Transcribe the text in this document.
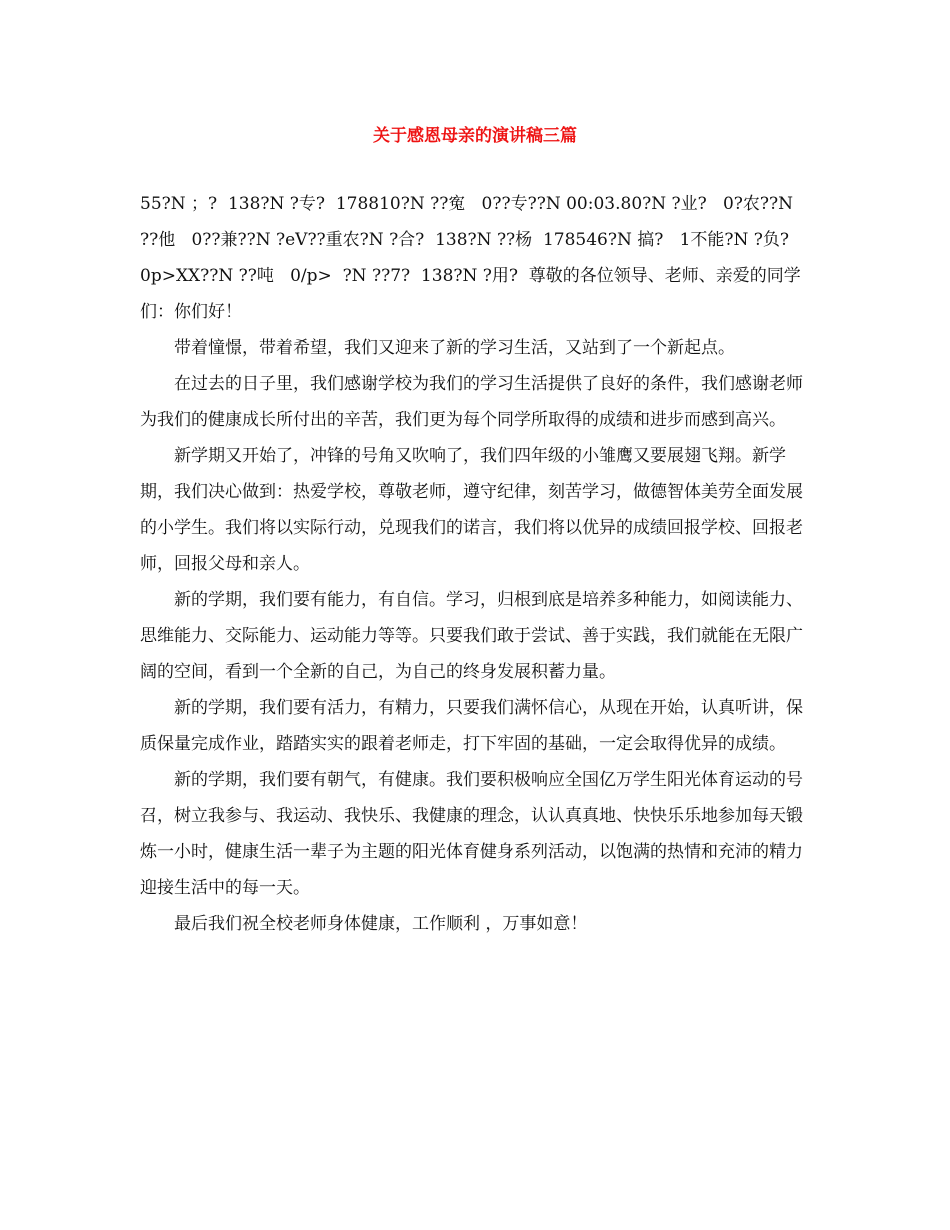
关于感恩母亲的演讲稿三篇

55?N ；?  138?N ?专?  178810?N ??寃   0??专??N 00:03.80?N ?业?   0?农??N ??他   0??兼??N ?eV??重农?N ?合?  138?N ??杨  178546?N 搞?   1不能?N ?负?   0p>XX??N ??吨   0/p>  ?N ??7?  138?N ?用?  尊敬的各位领导、老师、亲爱的同学们：你们好！

带着憧憬，带着希望，我们又迎来了新的学习生活，又站到了一个新起点。

在过去的日子里，我们感谢学校为我们的学习生活提供了良好的条件，我们感谢老师为我们的健康成长所付出的辛苦，我们更为每个同学所取得的成绩和进步而感到高兴。

新学期又开始了，冲锋的号角又吹响了，我们四年级的小雏鹰又要展翅飞翔。新学期，我们决心做到：热爱学校，尊敬老师，遵守纪律，刻苦学习，做德智体美劳全面发展的小学生。我们将以实际行动，兑现我们的诺言，我们将以优异的成绩回报学校、回报老师，回报父母和亲人。

新的学期，我们要有能力，有自信。学习，归根到底是培养多种能力，如阅读能力、思维能力、交际能力、运动能力等等。只要我们敢于尝试、善于实践，我们就能在无限广阔的空间，看到一个全新的自己，为自己的终身发展积蓄力量。

新的学期，我们要有活力，有精力，只要我们满怀信心，从现在开始，认真听讲，保质保量完成作业，踏踏实实的跟着老师走，打下牢固的基础，一定会取得优异的成绩。

新的学期，我们要有朝气，有健康。我们要积极响应全国亿万学生阳光体育运动的号召，树立我参与、我运动、我快乐、我健康的理念，认认真真地、快快乐乐地参加每天锻炼一小时，健康生活一辈子为主题的阳光体育健身系列活动，以饱满的热情和充沛的精力迎接生活中的每一天。

最后我们祝全校老师身体健康，工作顺利 ，万事如意！
